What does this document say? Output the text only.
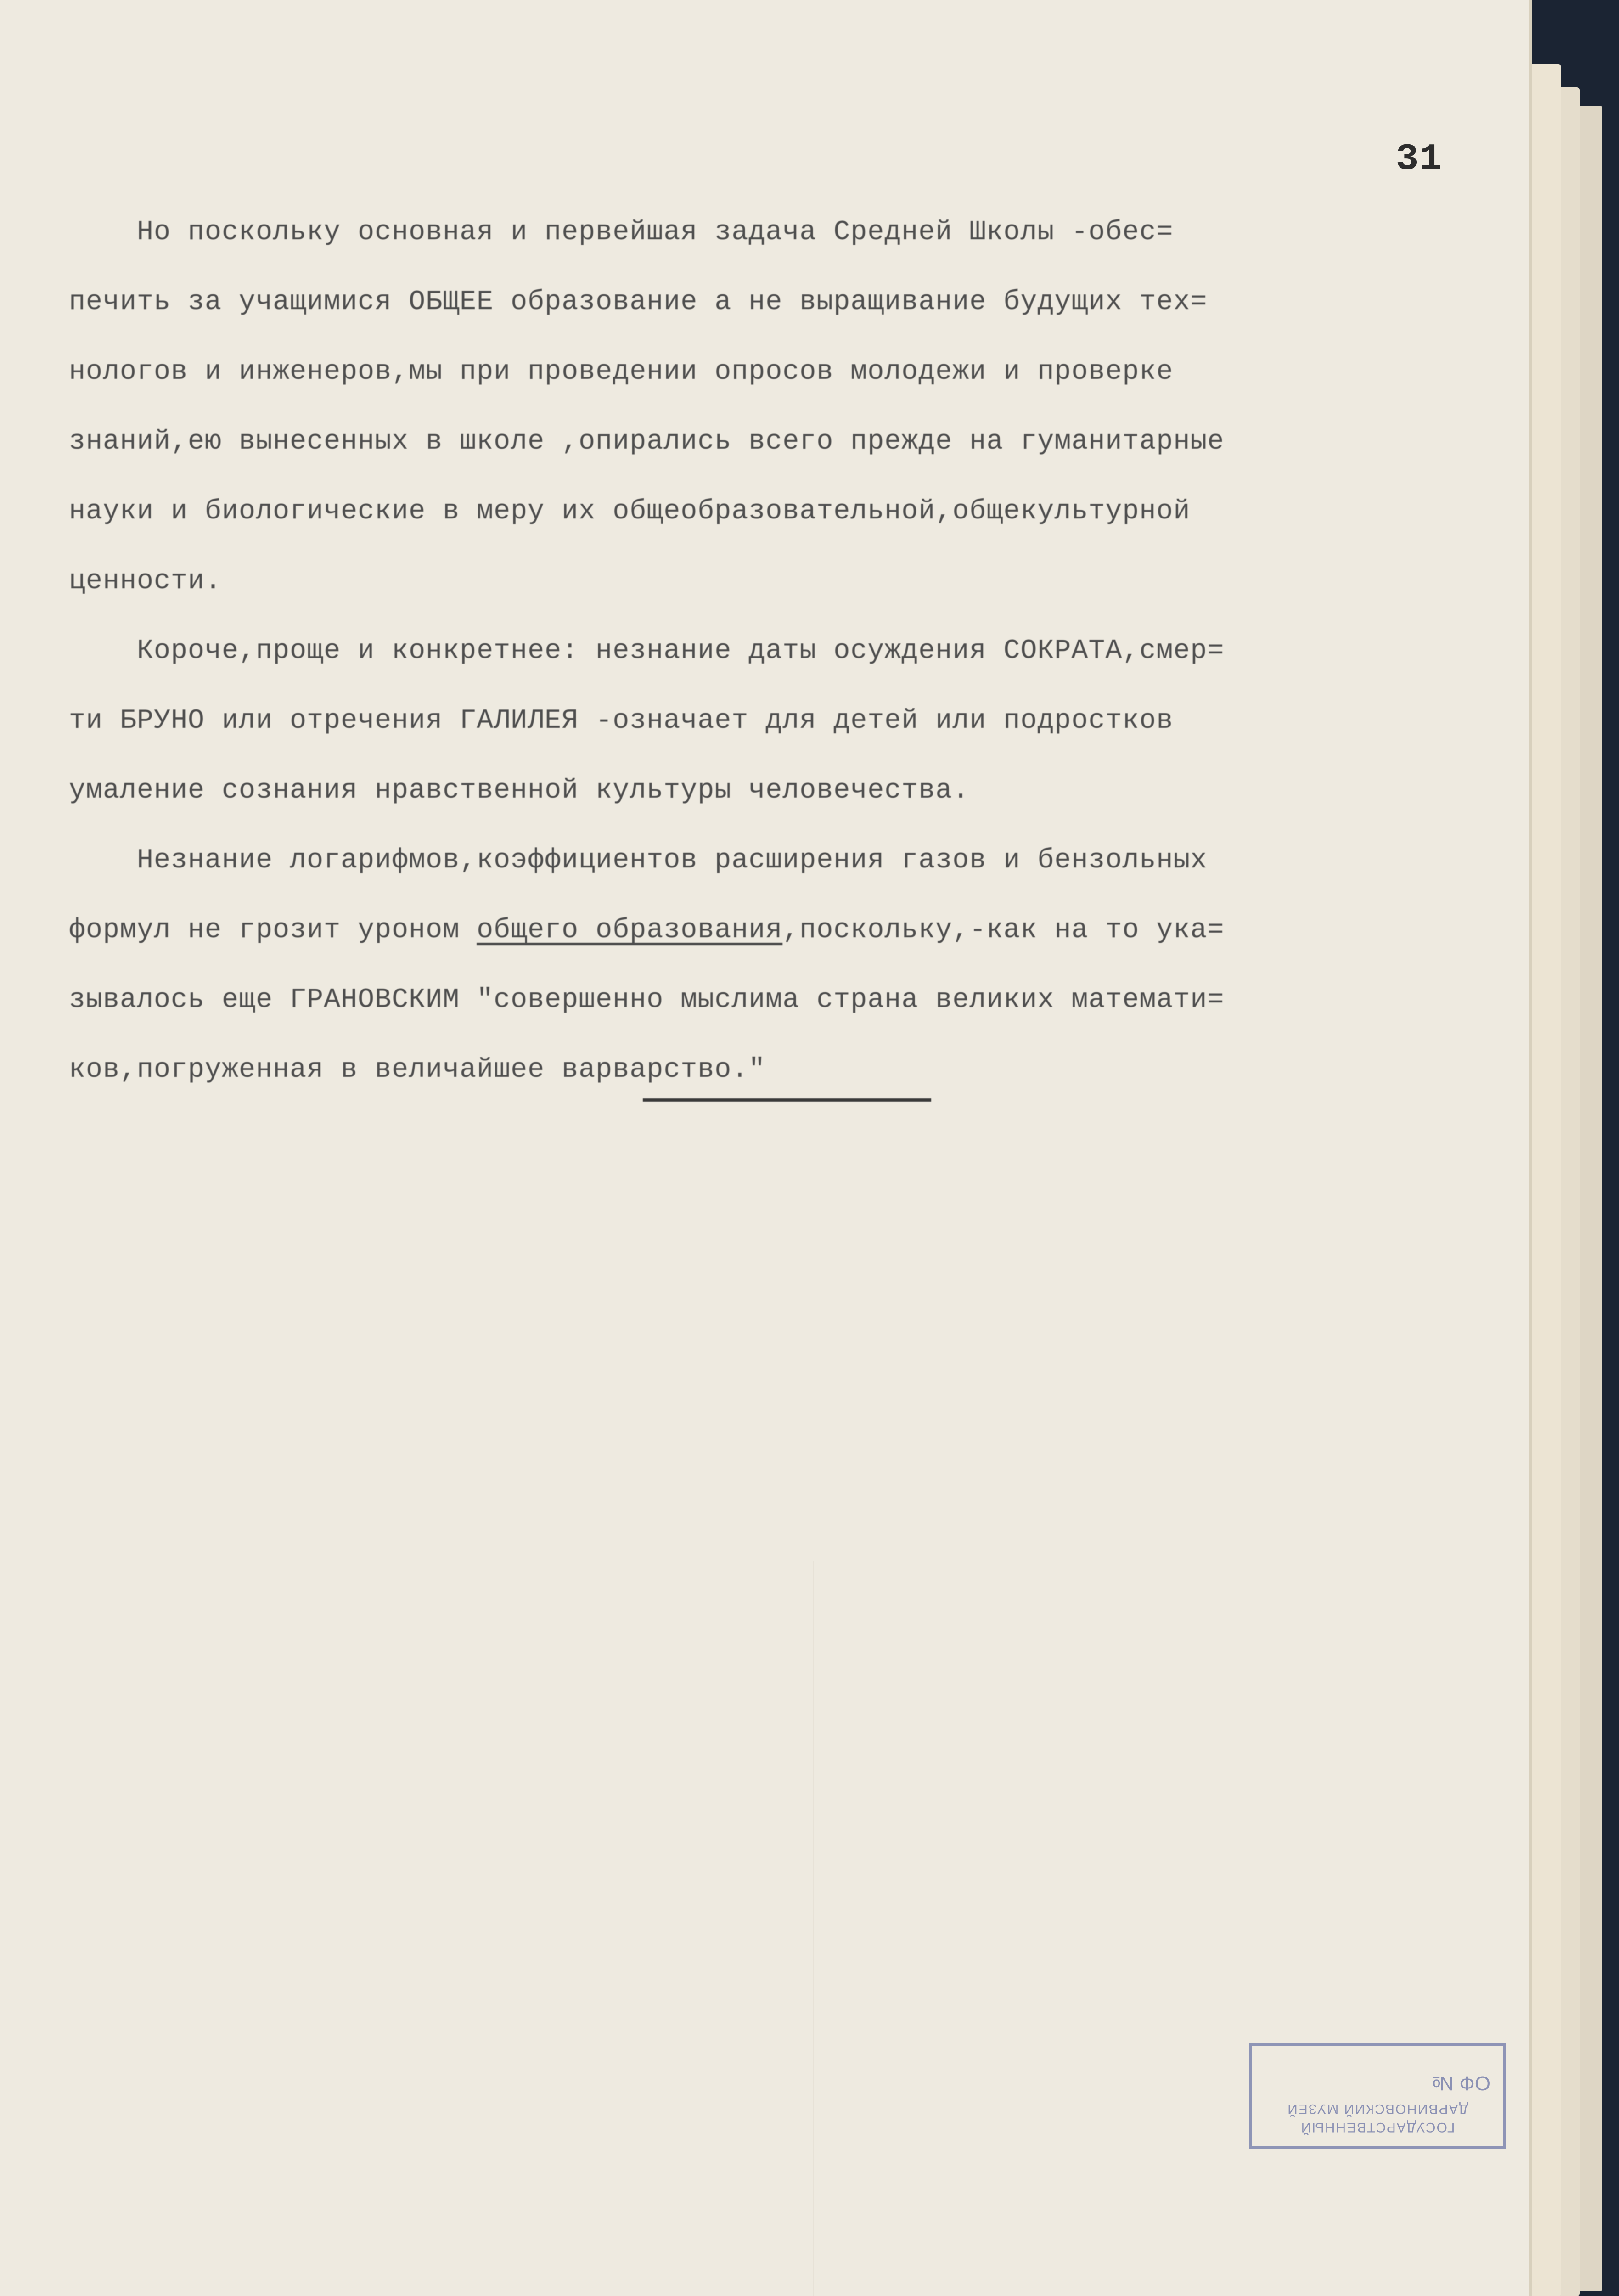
31
Но поскольку основная и первейшая задача Средней Школы -обес=
печить за учащимися ОБЩЕЕ образование а не выращивание будущих тех=
нологов и инженеров,мы при проведении опросов молодежи и проверке
знаний,ею вынесенных в школе ,опирались всего прежде на гуманитарные
науки и биологические в меру их общеобразовательной,общекультурной
ценности.
Короче,проще и конкретнее: незнание даты осуждения СОКРАТА,смер=
ти БРУНО или отречения ГАЛИЛЕЯ -означает для детей или подростков
умаление сознания нравственной культуры человечества.
Незнание логарифмов,коэффициентов расширения газов и бензольных
формул не грозит уроном общего образования,поскольку,-как на то ука=
зывалось еще ГРАНОВСКИМ "совершенно мыслима страна великих математи=
ков,погруженная в величайшее варварство."
ГОСУДАРСТВЕННЫЙ
ДАРВИНОВСКИЙ МУЗЕЙ
ОФ №
